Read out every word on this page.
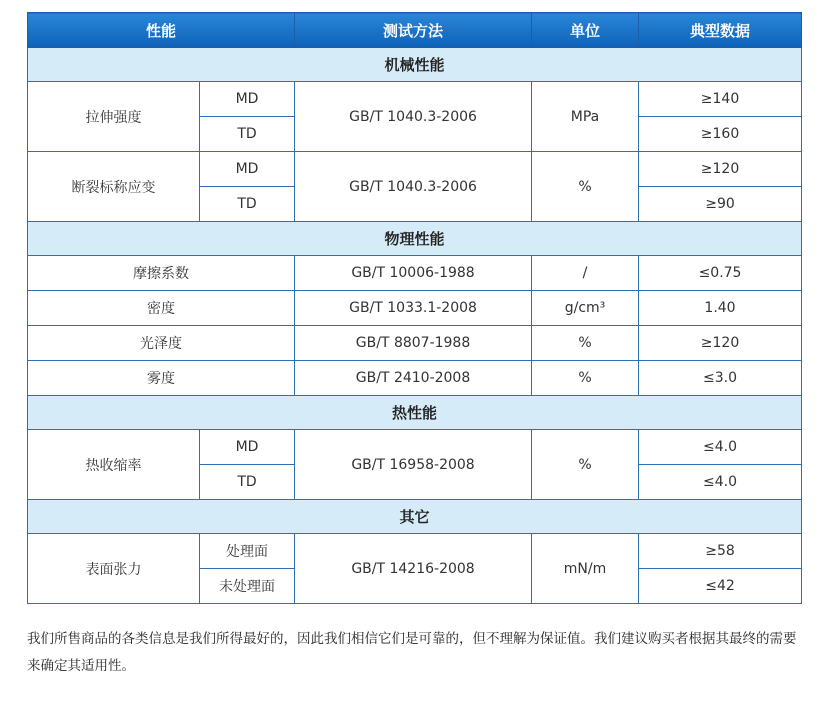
性能		测试方法	单位	典型数据
机械性能				
拉伸强度	MD	GB/T 1040.3-2006	MPa	≥140
	TD			≥160
断裂标称应变	MD	GB/T 1040.3-2006	%	≥120
	TD			≥90
物理性能				
摩擦系数		GB/T 10006-1988	/	≤0.75
密度		GB/T 1033.1-2008	g/cm³	1.40
光泽度		GB/T 8807-1988	%	≥120
雾度		GB/T 2410-2008	%	≤3.0
热性能				
热收缩率	MD	GB/T 16958-2008	%	≤4.0
	TD			≤4.0
其它				
表面张力	处理面	GB/T 14216-2008	mN/m	≥58
	未处理面			≤42
我们所售商品的各类信息是我们所得最好的，因此我们相信它们是可靠的，但不理解为保证值。我们建议购买者根据其最终的需要来确定其适用性。
